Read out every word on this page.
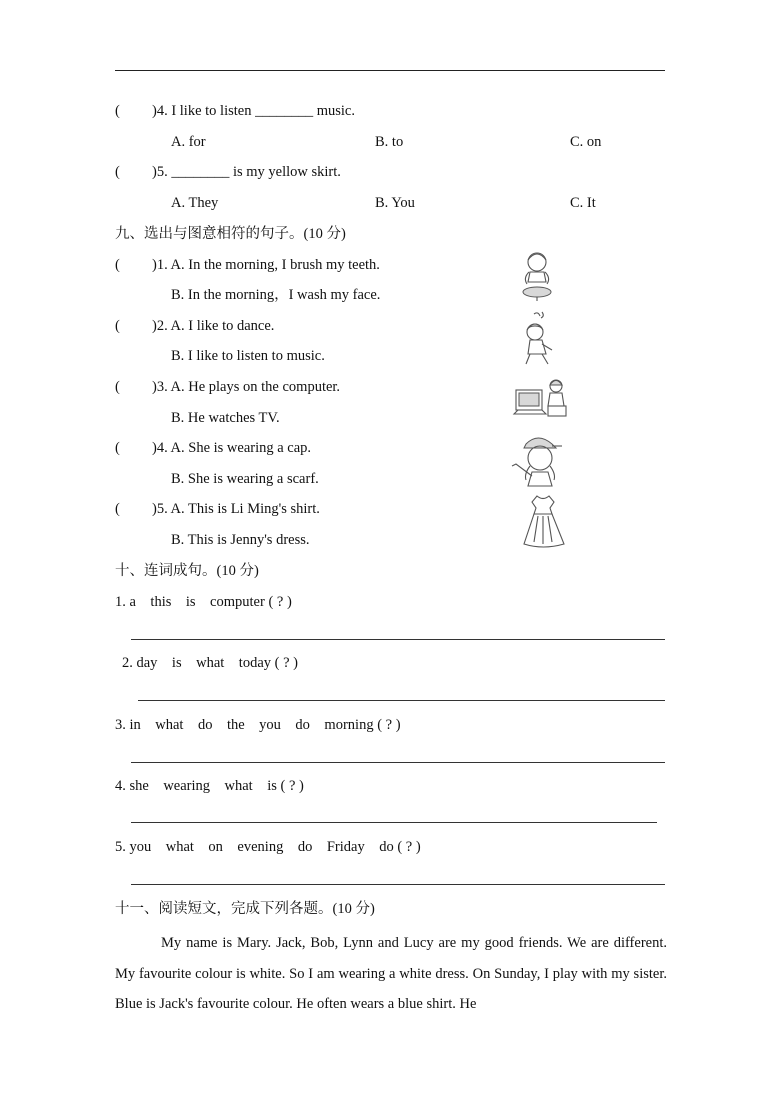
( )4. I like to listen ________ music.
A. for	B. to	C. on
( )5. ________ is my yellow skirt.
A. They	B. You	C. It
九、选出与图意相符的句子。(10 分)
( )1. A. In the morning, I brush my teeth.
B. In the morning，I wash my face.
( )2. A. I like to dance.
B. I like to listen to music.
( )3. A. He plays on the computer.
B. He watches TV.
( )4. A. She is wearing a cap.
B. She is wearing a scarf.
( )5. A. This is Li Ming's shirt.
B. This is Jenny's dress.
十、连词成句。(10 分)
1. a    this    is    computer ( ? )
2. day    is    what    today ( ? )
3. in    what    do    the    you    do    morning ( ? )
4. she    wearing    what    is ( ? )
5. you    what    on    evening    do    Friday    do ( ? )
十一、阅读短文，完成下列各题。(10 分)
My name is Mary. Jack, Bob, Lynn and Lucy are my good friends. We are different. My favourite colour is white. So I am wearing a white dress. On Sunday, I play with my sister. Blue is Jack's favourite colour. He often wears a blue shirt. He
